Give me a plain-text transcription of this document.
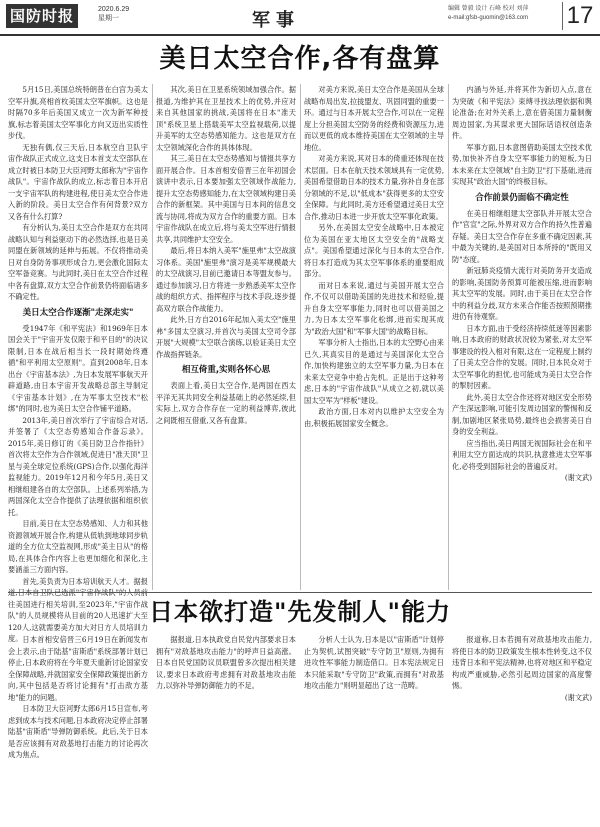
国防时报	2020.6.29
星期一	军事
编辑 曾毅 设计 石峰 校对 刘萍
e-mail:gfsb-guomin@163.com	17
美日太空合作,各有盘算

5月15日,美国总统特朗普在白宫为美太空军升旗,亮相首枚美国太空军旗帜。这也是时隔70多年后美国又成立一次为新军种授旗,标志着美国太空军事化方向又迈出实质性步伐。

无独有偶,仅三天后,日本航空自卫队宇宙作战队正式成立,这支日本首支太空部队在成立时被日本防卫大臣河野太郎称为"宇宙作战队"。宇宙作战队的成立,标志着日本开启一支宇宙军队的构建进程,使日美太空合作进入新的阶段。美日太空合作有何背景?双方又各有什么打算?

有分析认为,美日太空合作是双方在共同战略认知与利益驱动下的必然选择,也是日美同盟在新领域的延伸与拓展。不仅将推动美日对自身防务事项形成合力,更会激化国际太空军备竞赛。与此同时,美日在太空合作过程中各有盘算,双方太空合作前景仍将面临诸多不确定性。

美日太空合作逐渐"走深走实"

受1947年《和平宪法》和1969年日本国会关于"宇宙开发仅限于和平目的"的决议限制,日本在战后相当长一段时期始终遵循"和平利用太空原则"。直到2008年,日本出台《宇宙基本法》,为日本发展军事航天开辟道路,由日本宇宙开发战略总部主导制定《宇宙基本计划》,在为军事太空技术"松绑"的同时,也为美日太空合作铺平道路。

2013年,美日首次举行了宇宙综合对话,并签署了《太空态势感知合作备忘录》。2015年,美日修订的《美日防卫合作指针》首次将太空作为合作领域,促进日"准天顶"卫星与美全球定位系统(GPS)合作,以强化海洋监视能力。2019年12月和今年5月,美日又相继组建各自的太空部队。上述系列举措,为两国深化太空合作提供了法理依据和组织依托。

目前,美日在太空态势感知、人力和其他资源领域开展合作,构建从低轨到地球同步轨道的全方位太空监视网,形成"美主日从"的格局,在具体合作内容上也更加细化和深化,主要涵盖三方面内容。

首先,美负责为日本培训航天人才。据报道,日本自卫队已选派"宇宙作战队"的人员前往美国进行相关培训,至2023年,"宇宙作战队"的人员规模将从目前的20人迅速扩大至120人,这就需要美方加大对日方人员培训力度。

其次,美日在卫星系统领域加强合作。据报道,为维护其在卫星技术上的优势,并应对来自其他国家的挑战,美国将在日本"准天顶"系统卫星上搭载美军太空监视载荷,以提升美军的太空态势感知能力。这也是双方在太空领域深化合作的具体体现。

其三,美日在太空态势感知与情报共享方面开展合作。日本首相安倍晋三在年初国会演讲中表示,日本要加强太空领域作战能力,提升太空态势感知能力,在太空领域构建日美合作的新框架。其中美国与日本间的信息交流与协同,将成为双方合作的重要方面。日本宇宙作战队在成立后,将与美太空军进行情报共享,共同维护太空安全。

最后,将日本纳入美军"施里弗"太空战演习体系。美国"施里弗"演习是美军规模最大的太空战演习,目前已邀请日本等盟友参与。通过参加演习,日方将进一步熟悉美军太空作战的组织方式、指挥程序与技术手段,逐步提高双方联合作战能力。

此外,日方自2016年起加入美太空"施里弗"多国太空演习,并首次与美国太空司令部开展"大规模"太空联合演练,以验证美日太空作战指挥链条。

相互倚重,实则各怀心思

表面上看,美日太空合作,是两国在西太平洋无其共同安全利益基础上的必然延续,但实际上,双方合作存在一定的利益博弈,彼此之间既相互借重,又各有盘算。

对美方来说,美日太空合作是美国从全球战略布局出发,拉拢盟友、巩固同盟的重要一环。通过与日本开展太空合作,可以在一定程度上分担美国太空防务的经费和资源压力,进而以更低的成本维持美国在太空领域的主导地位。

对美方来说,其对日本的倚重还体现在技术层面。日本在航天技术领域具有一定优势,美国希望借助日本的技术力量,弥补自身在部分领域的不足,以"低成本"获得更多的太空安全保障。与此同时,美方还希望通过美日太空合作,推动日本进一步开放太空军事化政策。

另外,在美国太空安全战略中,日本被定位为美国在亚太地区太空安全的"战略支点"。美国希望通过深化与日本的太空合作,将日本打造成为其太空军事体系的重要组成部分。

而对日本来说,通过与美国开展太空合作,不仅可以借助美国的先进技术和经验,提升自身太空军事能力,同时也可以借美国之力,为日本太空军事化松绑,进而实现其成为"政治大国"和"军事大国"的战略目标。

军事分析人士指出,日本的太空野心由来已久,其真实目的是通过与美国深化太空合作,加快构建独立的太空军事力量,为日本在未来太空竞争中抢占先机。正是出于这种考虑,日本的"宇宙作战队"从成立之初,就以美国太空军为"样板"建设。

政治方面,日本对内以维护太空安全为由,积极拓展国家安全概念。

内涵与外延,并将其作为新切入点,意在为突破《和平宪法》束缚寻找法理依据和舆论准备;在对外关系上,意在借美国力量制衡周边国家,为其谋求更大国际话语权创造条件。

军事方面,日本意图借助美国太空技术优势,加快补齐自身太空军事能力的短板,为日本未来在太空领域"自主防卫"打下基础,进而实现其"政治大国"的终极目标。

合作前景仍面临不确定性

在美日相继组建太空部队并开展太空合作"官宣"之际,外界对双方合作的持久性普遍存疑。美日太空合作存在多重不确定因素,其中最为关键的,是美国对日本所持的"既用又防"态度。

新冠肺炎疫情大流行对美防务开支造成的影响,美国防务预算可能被压缩,进而影响其太空军的发展。同时,由于美日在太空合作中的利益分歧,双方未来合作能否按照预期推进仍有待观察。

日本方面,由于受经济持续低迷等因素影响,日本政府的财政状况较为紧张,对太空军事建设的投入相对有限,这在一定程度上制约了日美太空合作的发展。同时,日本民众对于太空军事化的担忧,也可能成为美日太空合作的掣肘因素。

此外,美日太空合作还将对地区安全形势产生深远影响,可能引发周边国家的警惕和反制,加剧地区紧张局势,最终也会损害美日自身的安全利益。

应当指出,美日两国无视国际社会在和平利用太空方面达成的共识,执意推进太空军事化,必将受到国际社会的普遍反对。

(谢文武)

日本欲打造"先发制人"能力

日本首相安倍晋三6月19日在新闻发布会上表示,由于陆基"宙斯盾"系统部署计划已停止,日本政府将在今年夏天重新讨论国家安全保障战略,并就国家安全保障政策提出新方向,其中包括是否将讨论拥有"打击敌方基地"能力的问题。

日本防卫大臣河野太郎6月15日宣布,考虑到成本与技术问题,日本政府决定停止部署陆基"宙斯盾"导弹防御系统。此后,关于日本是否应该拥有对敌基地打击能力的讨论再次成为焦点。

据报道,日本执政党自民党内部要求日本拥有"对敌基地攻击能力"的呼声日益高涨。日本自民党国防议员联盟曾多次提出相关建议,要求日本政府考虑拥有对敌基地攻击能力,以弥补导弹防御能力的不足。

分析人士认为,日本是以"宙斯盾"计划停止为契机,试图突破"专守防卫"原则,为拥有进攻性军事能力制造借口。日本宪法规定日本只能采取"专守防卫"政策,而拥有"对敌基地攻击能力"则明显超出了这一范畴。

报道称,日本若拥有对敌基地攻击能力,将使日本的防卫政策发生根本性转变,这不仅违背日本和平宪法精神,也将对地区和平稳定构成严重威胁,必然引起周边国家的高度警惕。

(谢文武)
